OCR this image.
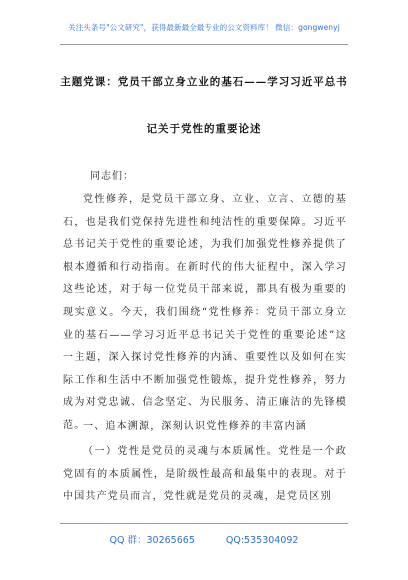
关注头条号"公文研究"，获得最新最全最专业的公文资料库！ 微信：gongwenyj
主题党课：党员干部立身立业的基石——学习习近平总书
记关于党性的重要论述
同志们：

党性修养，是党员干部立身、立业、立言、立德的基石，也是我们党保持先进性和纯洁性的重要保障。习近平总书记关于党性的重要论述，为我们加强党性修养提供了根本遵循和行动指南。在新时代的伟大征程中，深入学习这些论述，对于每一位党员干部来说，都具有极为重要的现实意义。今天，我们围绕“党性修养：党员干部立身立业的基石——学习习近平总书记关于党性的重要论述”这一主题，深入探讨党性修养的内涵、重要性以及如何在实际工作和生活中不断加强党性锻炼，提升党性修养，努力成为对党忠诚、信念坚定、为民服务、清正廉洁的先锋模范。

一、追本溯源，深刻认识党性修养的丰富内涵

（一）党性是党员的灵魂与本质属性。党性是一个政党固有的本质属性，是阶级性最高和最集中的表现。对于中国共产党员而言，党性就是党员的灵魂，是党员区别

QQ 群：30265665	QQ:535304092
